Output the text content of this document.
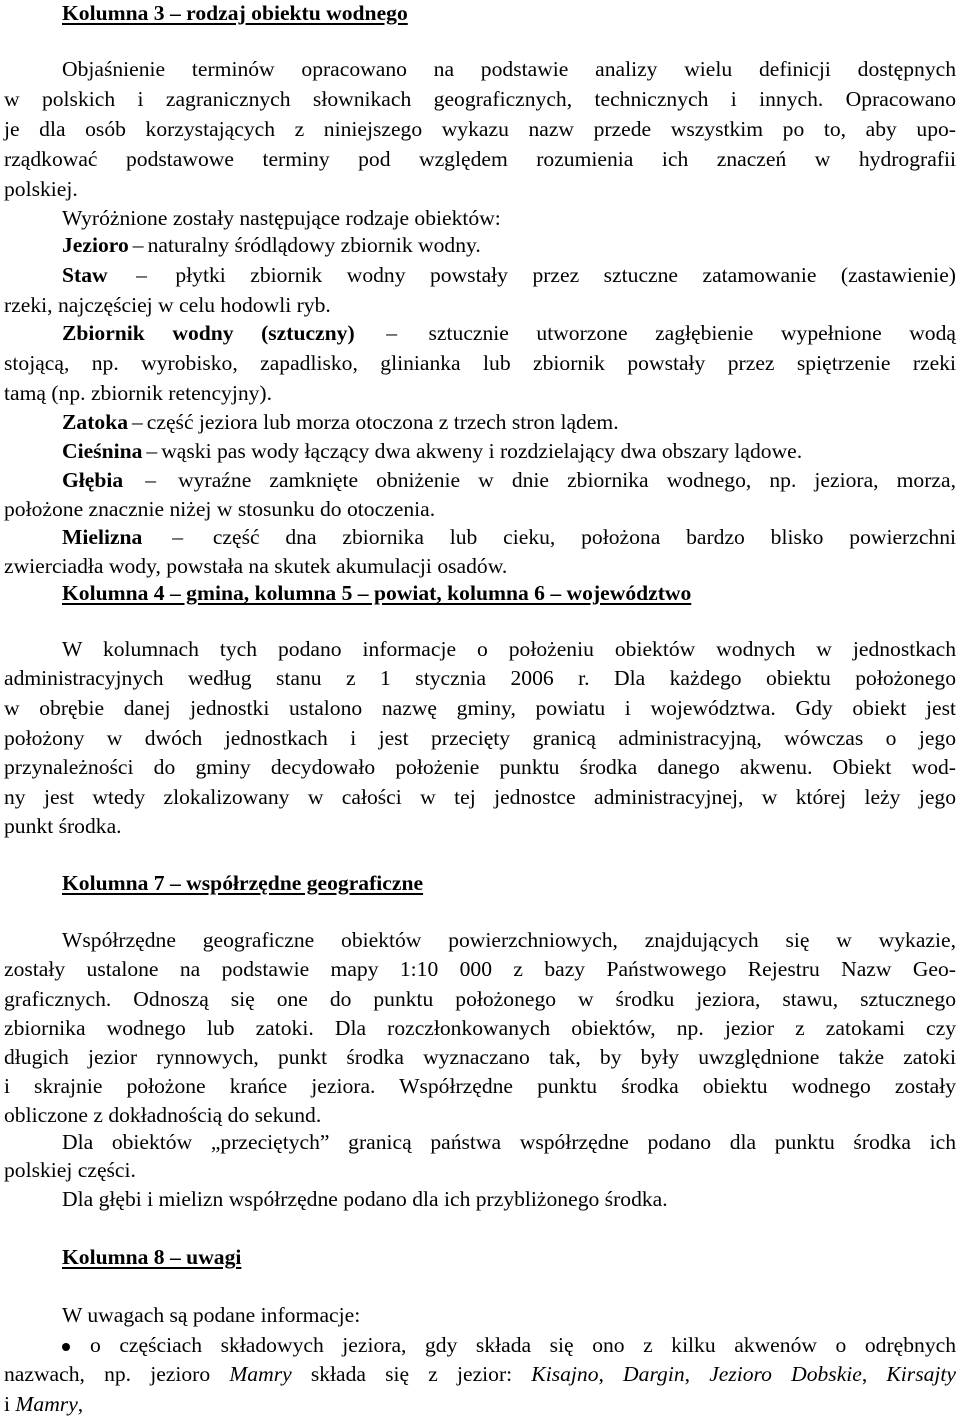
Kolumna 3 – rodzaj obiektu wodnego
Objaśnienie terminów opracowano na podstawie analizy wielu definicji dostępnych
w polskich i zagranicznych słownikach geograficznych, technicznych i innych. Opracowano
je dla osób korzystających z niniejszego wykazu nazw przede wszystkim po to, aby upo-
rządkować podstawowe terminy pod względem rozumienia ich znaczeń w hydrografii
polskiej.
Wyróżnione zostały następujące rodzaje obiektów:
Jezioro – naturalny śródlądowy zbiornik wodny.
Staw – płytki zbiornik wodny powstały przez sztuczne zatamowanie (zastawienie)
rzeki, najczęściej w celu hodowli ryb.
Zbiornik wodny (sztuczny) – sztucznie utworzone zagłębienie wypełnione wodą
stojącą, np. wyrobisko, zapadlisko, glinianka lub zbiornik powstały przez spiętrzenie rzeki
tamą (np. zbiornik retencyjny).
Zatoka – część jeziora lub morza otoczona z trzech stron lądem.
Cieśnina – wąski pas wody łączący dwa akweny i rozdzielający dwa obszary lądowe.
Głębia – wyraźne zamknięte obniżenie w dnie zbiornika wodnego, np. jeziora, morza,
położone znacznie niżej w stosunku do otoczenia.
Mielizna – część dna zbiornika lub cieku, położona bardzo blisko powierzchni
zwierciadła wody, powstała na skutek akumulacji osadów.
Kolumna 4 – gmina, kolumna 5 – powiat, kolumna 6 – województwo
W kolumnach tych podano informacje o położeniu obiektów wodnych w jednostkach
administracyjnych według stanu z 1 stycznia 2006 r. Dla każdego obiektu położonego
w obrębie danej jednostki ustalono nazwę gminy, powiatu i województwa. Gdy obiekt jest
położony w dwóch jednostkach i jest przecięty granicą administracyjną, wówczas o jego
przynależności do gminy decydowało położenie punktu środka danego akwenu. Obiekt wod-
ny jest wtedy zlokalizowany w całości w tej jednostce administracyjnej, w której leży jego
punkt środka.
Kolumna 7 – współrzędne geograficzne
Współrzędne geograficzne obiektów powierzchniowych, znajdujących się w wykazie,
zostały ustalone na podstawie mapy 1:10 000 z bazy Państwowego Rejestru Nazw Geo-
graficznych. Odnoszą się one do punktu położonego w środku jeziora, stawu, sztucznego
zbiornika wodnego lub zatoki. Dla rozczłonkowanych obiektów, np. jezior z zatokami czy
długich jezior rynnowych, punkt środka wyznaczano tak, by były uwzględnione także zatoki
i skrajnie położone krańce jeziora. Współrzędne punktu środka obiektu wodnego zostały
obliczone z dokładnością do sekund.
Dla obiektów „przeciętych” granicą państwa współrzędne podano dla punktu środka ich
polskiej części.
Dla głębi i mielizn współrzędne podano dla ich przybliżonego środka.
Kolumna 8 – uwagi
W uwagach są podane informacje:
o częściach składowych jeziora, gdy składa się ono z kilku akwenów o odrębnych
nazwach, np. jezioro Mamry składa się z jezior: Kisajno, Dargin, Jezioro Dobskie, Kirsajty
i Mamry,
